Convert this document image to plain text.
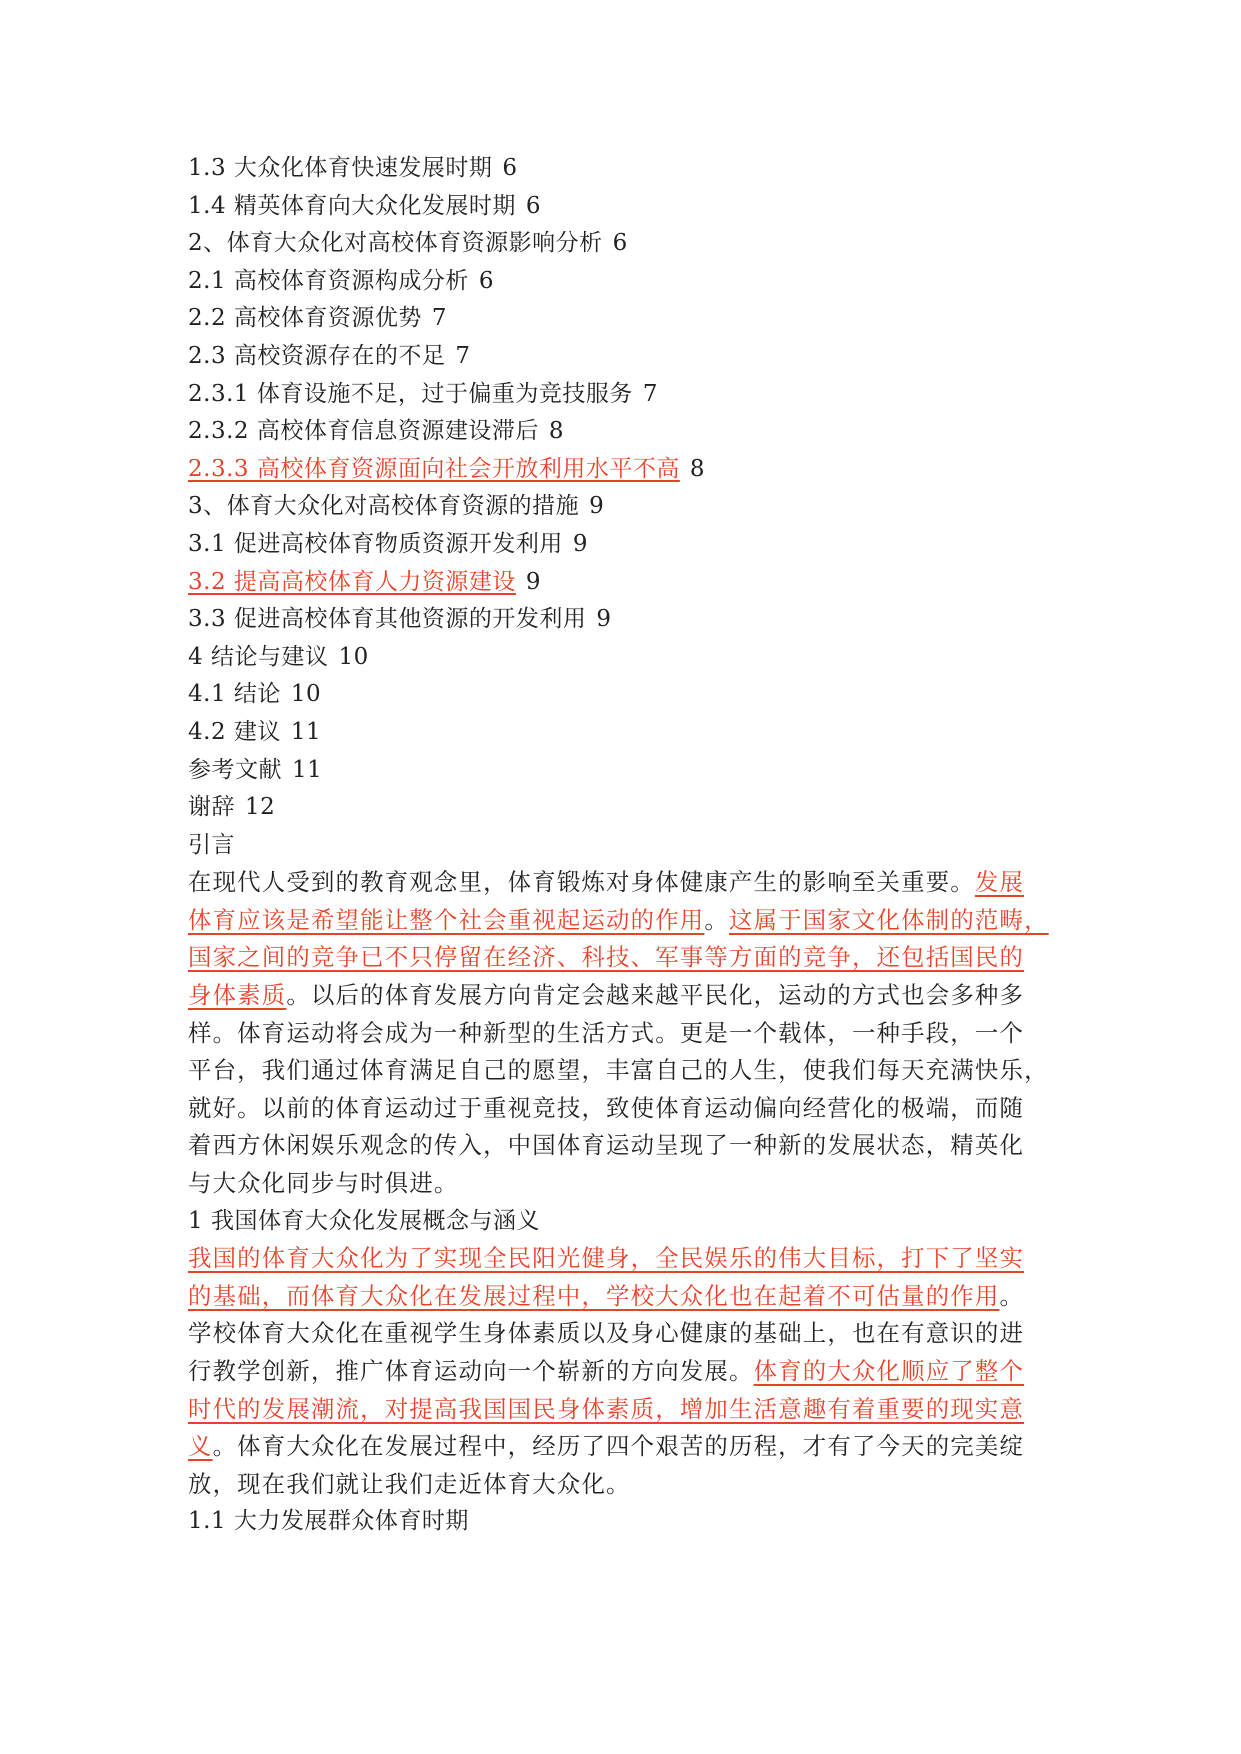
1.3 大众化体育快速发展时期 6
1.4 精英体育向大众化发展时期 6
2、体育大众化对高校体育资源影响分析 6
2.1 高校体育资源构成分析 6
2.2 高校体育资源优势 7
2.3 高校资源存在的不足 7
2.3.1 体育设施不足，过于偏重为竞技服务 7
2.3.2 高校体育信息资源建设滞后 8
2.3.3 高校体育资源面向社会开放利用水平不高 8
3、体育大众化对高校体育资源的措施 9
3.1 促进高校体育物质资源开发利用 9
3.2 提高高校体育人力资源建设 9
3.3 促进高校体育其他资源的开发利用 9
4 结论与建议 10
4.1 结论 10
4.2 建议 11
参考文献 11
谢辞 12
引言
在现代人受到的教育观念里，体育锻炼对身体健康产生的影响至关重要。发展
体育应该是希望能让整个社会重视起运动的作用。这属于国家文化体制的范畴，
国家之间的竞争已不只停留在经济、科技、军事等方面的竞争，还包括国民的
身体素质。以后的体育发展方向肯定会越来越平民化，运动的方式也会多种多
样。体育运动将会成为一种新型的生活方式。更是一个载体，一种手段，一个
平台，我们通过体育满足自己的愿望，丰富自己的人生，使我们每天充满快乐，
就好。以前的体育运动过于重视竞技，致使体育运动偏向经营化的极端，而随
着西方休闲娱乐观念的传入，中国体育运动呈现了一种新的发展状态，精英化
与大众化同步与时俱进。
1 我国体育大众化发展概念与涵义
我国的体育大众化为了实现全民阳光健身，全民娱乐的伟大目标，打下了坚实
的基础，而体育大众化在发展过程中，学校大众化也在起着不可估量的作用。
学校体育大众化在重视学生身体素质以及身心健康的基础上，也在有意识的进
行教学创新，推广体育运动向一个崭新的方向发展。体育的大众化顺应了整个
时代的发展潮流，对提高我国国民身体素质，增加生活意趣有着重要的现实意
义。体育大众化在发展过程中，经历了四个艰苦的历程，才有了今天的完美绽
放，现在我们就让我们走近体育大众化。
1.1 大力发展群众体育时期
